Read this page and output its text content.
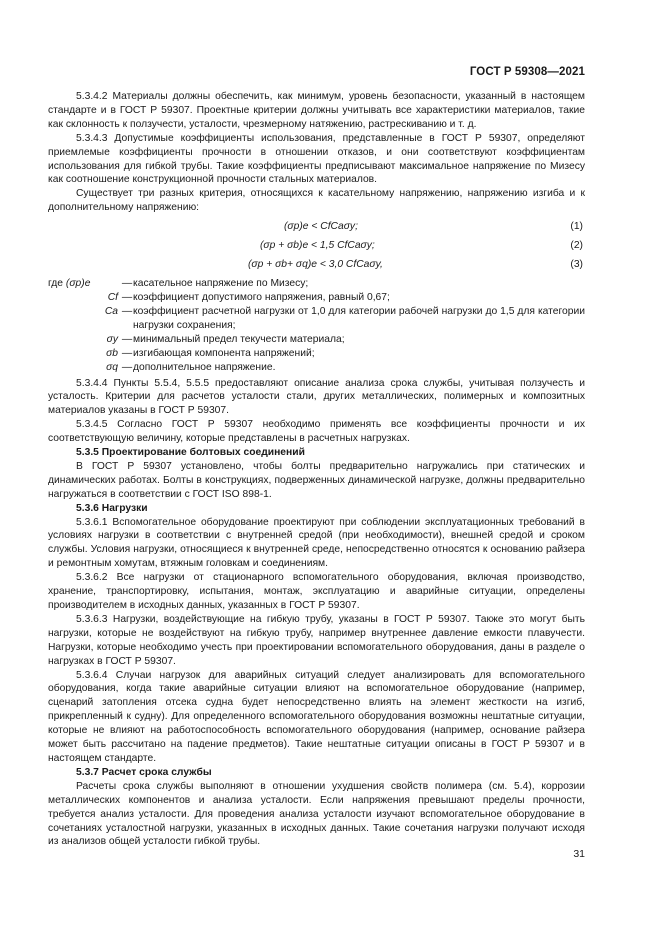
ГОСТ Р 59308—2021

5.3.4.2 Материалы должны обеспечить, как минимум, уровень безопасности, указанный в настоящем стандарте и в ГОСТ Р 59307. Проектные критерии должны учитывать все характеристики материалов, такие как склонность к ползучести, усталости, чрезмерному натяжению, растрескиванию и т. д.

5.3.4.3 Допустимые коэффициенты использования, представленные в ГОСТ Р 59307, определяют приемлемые коэффициенты прочности в отношении отказов, и они соответствуют коэффициентам использования для гибкой трубы. Такие коэффициенты предписывают максимальное напряжение по Мизесу как соотношение конструкционной прочности стальных материалов.

Существует три разных критерия, относящихся к касательному напряжению, напряжению изгиба и к дополнительному напряжению:

(σp)e < CfCaσy;	(1)
(σp + σb)e < 1,5 CfCaσy;	(2)
(σp + σb+ σq)e < 3,0 CfCaσy,	(3)
где (σp)e	— касательное напряжение по Мизесу;
Cf — коэффициент допустимого напряжения, равный 0,67;
Ca — коэффициент расчетной нагрузки от 1,0 для категории рабочей нагрузки до 1,5 для категории нагрузки сохранения;
σy — минимальный предел текучести материала;
σb — изгибающая компонента напряжений;
σq — дополнительное напряжение.

5.3.4.4 Пункты 5.5.4, 5.5.5 предоставляют описание анализа срока службы, учитывая ползучесть и усталость. Критерии для расчетов усталости стали, других металлических, полимерных и композитных материалов указаны в ГОСТ Р 59307.

5.3.4.5 Согласно ГОСТ Р 59307 необходимо применять все коэффициенты прочности и их соответствующую величину, которые представлены в расчетных нагрузках.

5.3.5 Проектирование болтовых соединений

В ГОСТ Р 59307 установлено, чтобы болты предварительно нагружались при статических и динамических работах. Болты в конструкциях, подверженных динамической нагрузке, должны предварительно нагружаться в соответствии с ГОСТ ISO 898-1.

5.3.6 Нагрузки

5.3.6.1 Вспомогательное оборудование проектируют при соблюдении эксплуатационных требований в условиях нагрузки в соответствии с внутренней средой (при необходимости), внешней средой и сроком службы. Условия нагрузки, относящиеся к внутренней среде, непосредственно относятся к основанию райзера и ремонтным хомутам, втяжным головкам и соединениям.

5.3.6.2 Все нагрузки от стационарного вспомогательного оборудования, включая производство, хранение, транспортировку, испытания, монтаж, эксплуатацию и аварийные ситуации, определены производителем в исходных данных, указанных в ГОСТ Р 59307.

5.3.6.3 Нагрузки, воздействующие на гибкую трубу, указаны в ГОСТ Р 59307. Также это могут быть нагрузки, которые не воздействуют на гибкую трубу, например внутреннее давление емкости плавучести. Нагрузки, которые необходимо учесть при проектировании вспомогательного оборудования, даны в разделе о нагрузках в ГОСТ Р 59307.

5.3.6.4 Случаи нагрузок для аварийных ситуаций следует анализировать для вспомогательного оборудования, когда такие аварийные ситуации влияют на вспомогательное оборудование (например, сценарий затопления отсека судна будет непосредственно влиять на элемент жесткости на изгиб, прикрепленный к судну). Для определенного вспомогательного оборудования возможны нештатные ситуации, которые не влияют на работоспособность вспомогательного оборудования (например, основание райзера может быть рассчитано на падение предметов). Такие нештатные ситуации описаны в ГОСТ Р 59307 и в настоящем стандарте.

5.3.7 Расчет срока службы

Расчеты срока службы выполняют в отношении ухудшения свойств полимера (см. 5.4), коррозии металлических компонентов и анализа усталости. Если напряжения превышают пределы прочности, требуется анализ усталости. Для проведения анализа усталости изучают вспомогательное оборудование в сочетаниях усталостной нагрузки, указанных в исходных данных. Такие сочетания нагрузки получают исходя из анализов общей усталости гибкой трубы.

31
